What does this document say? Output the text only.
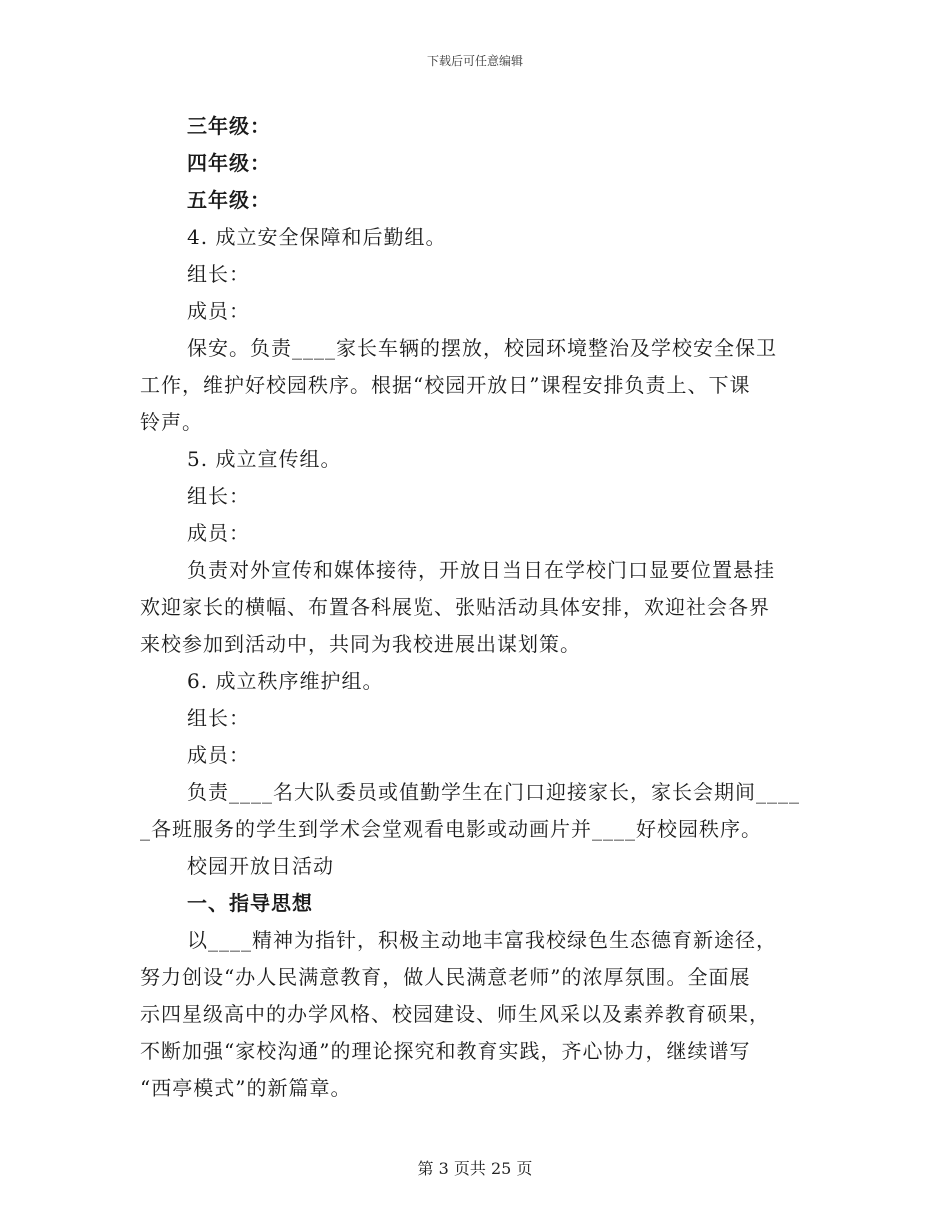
下载后可任意编辑
三年级：
四年级：
五年级：
4. 成立安全保障和后勤组。
组长：
成员：
保安。负责____家长车辆的摆放，校园环境整治及学校安全保卫
工作，维护好校园秩序。根据“校园开放日”课程安排负责上、下课
铃声。
5. 成立宣传组。
组长：
成员：
负责对外宣传和媒体接待，开放日当日在学校门口显要位置悬挂
欢迎家长的横幅、布置各科展览、张贴活动具体安排，欢迎社会各界
来校参加到活动中，共同为我校进展出谋划策。
6. 成立秩序维护组。
组长：
成员：
负责____名大队委员或值勤学生在门口迎接家长，家长会期间____
_各班服务的学生到学术会堂观看电影或动画片并____好校园秩序。
校园开放日活动
一、指导思想
以____精神为指针，积极主动地丰富我校绿色生态德育新途径，
努力创设“办人民满意教育，做人民满意老师”的浓厚氛围。全面展
示四星级高中的办学风格、校园建设、师生风采以及素养教育硕果，
不断加强“家校沟通”的理论探究和教育实践，齐心协力，继续谱写
“西亭模式”的新篇章。
第 3 页共 25 页
